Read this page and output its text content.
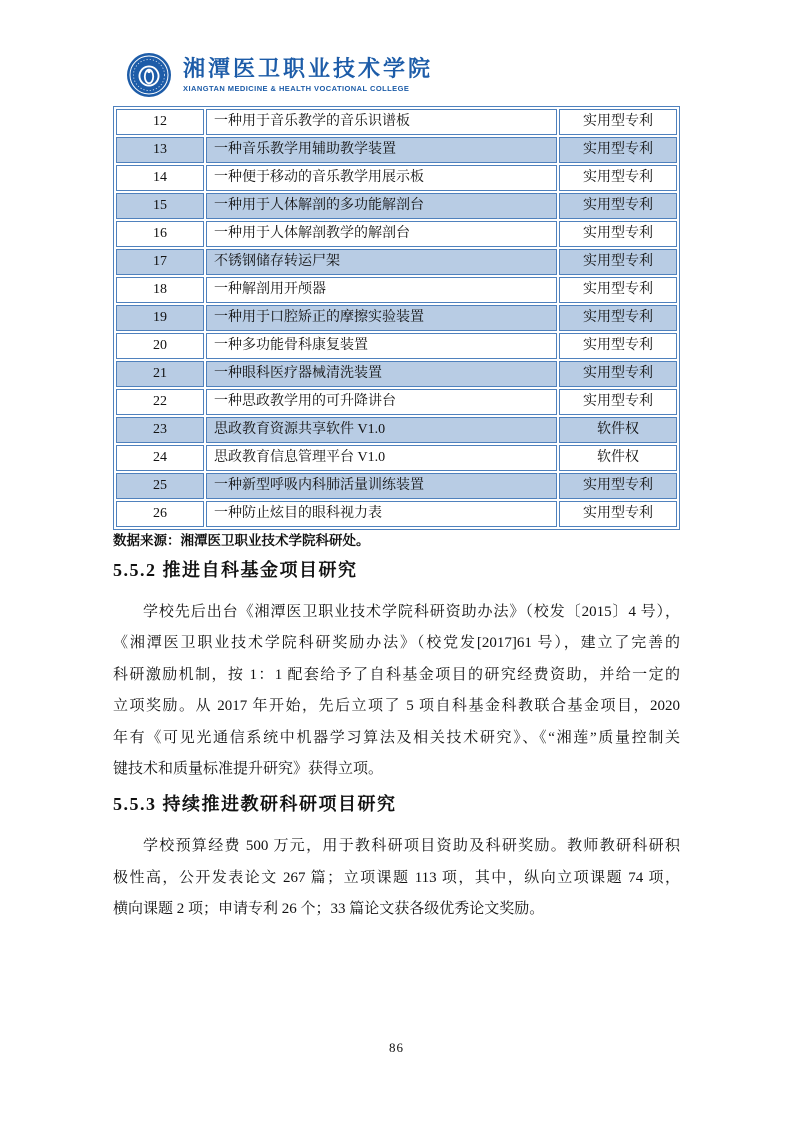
湘潭医卫职业技术学院
XIANGTAN MEDICINE & HEALTH VOCATIONAL COLLEGE
12	一种用于音乐教学的音乐识谱板	实用型专利
13	一种音乐教学用辅助教学装置	实用型专利
14	一种便于移动的音乐教学用展示板	实用型专利
15	一种用于人体解剖的多功能解剖台	实用型专利
16	一种用于人体解剖教学的解剖台	实用型专利
17	不锈钢储存转运尸架	实用型专利
18	一种解剖用开颅器	实用型专利
19	一种用于口腔矫正的摩擦实验装置	实用型专利
20	一种多功能骨科康复装置	实用型专利
21	一种眼科医疗器械清洗装置	实用型专利
22	一种思政教学用的可升降讲台	实用型专利
23	思政教育资源共享软件 V1.0	软件权
24	思政教育信息管理平台 V1.0	软件权
25	一种新型呼吸内科肺活量训练装置	实用型专利
26	一种防止炫目的眼科视力表	实用型专利
数据来源：湘潭医卫职业技术学院科研处。
5.5.2 推进自科基金项目研究
学校先后出台《湘潭医卫职业技术学院科研资助办法》（校发〔2015〕4 号），
《湘潭医卫职业技术学院科研奖励办法》（校党发[2017]61 号），建立了完善的
科研激励机制，按 1：1 配套给予了自科基金项目的研究经费资助，并给一定的
立项奖励。从 2017 年开始，先后立项了 5 项自科基金科教联合基金项目，2020
年有《可见光通信系统中机器学习算法及相关技术研究》、《“湘莲”质量控制关
键技术和质量标准提升研究》获得立项。
5.5.3 持续推进教研科研项目研究
学校预算经费 500 万元，用于教科研项目资助及科研奖励。教师教研科研积
极性高，公开发表论文 267 篇；立项课题 113 项，其中，纵向立项课题 74 项，
横向课题 2 项；申请专利 26 个；33 篇论文获各级优秀论文奖励。
86
